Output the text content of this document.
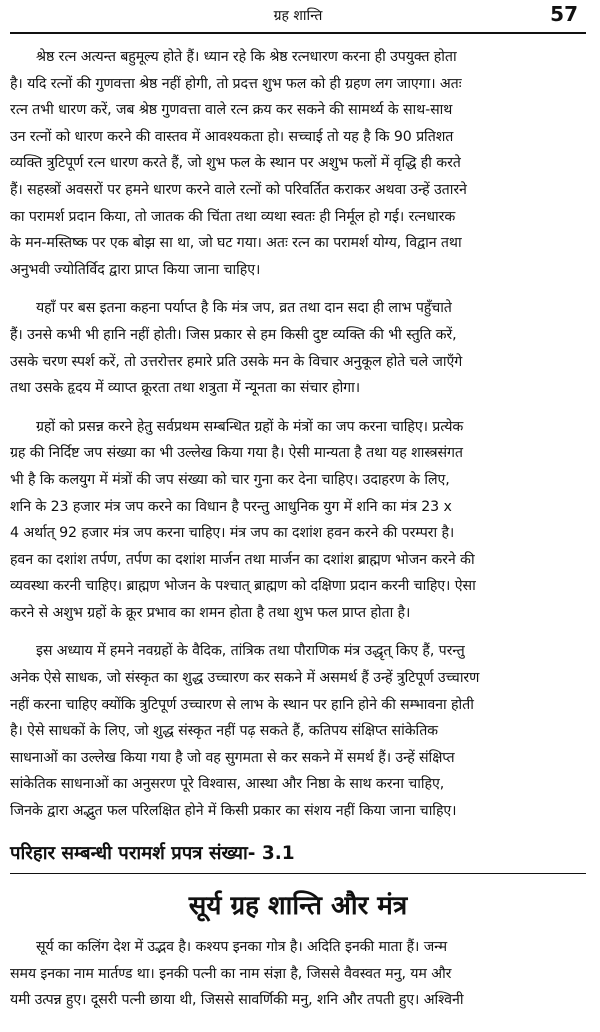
ग्रह शान्ति	57
श्रेष्ठ रत्न अत्यन्त बहुमूल्य होते हैं। ध्यान रहे कि श्रेष्ठ रत्नधारण करना ही उपयुक्त होता
है। यदि रत्नों की गुणवत्ता श्रेष्ठ नहीं होगी, तो प्रदत्त शुभ फल को ही ग्रहण लग जाएगा। अतः
रत्न तभी धारण करें, जब श्रेष्ठ गुणवत्ता वाले रत्न क्रय कर सकने की सामर्थ्य के साथ-साथ
उन रत्नों को धारण करने की वास्तव में आवश्यकता हो। सच्चाई तो यह है कि 90 प्रतिशत
व्यक्ति त्रुटिपूर्ण रत्न धारण करते हैं, जो शुभ फल के स्थान पर अशुभ फलों में वृद्धि ही करते
हैं। सहस्त्रों अवसरों पर हमने धारण करने वाले रत्नों को परिवर्तित कराकर अथवा उन्हें उतारने
का परामर्श प्रदान किया, तो जातक की चिंता तथा व्यथा स्वतः ही निर्मूल हो गई। रत्नधारक
के मन-मस्तिष्क पर एक बोझ सा था, जो घट गया। अतः रत्न का परामर्श योग्य, विद्वान तथा
अनुभवी ज्योतिर्विद द्वारा प्राप्त किया जाना चाहिए।
यहाँ पर बस इतना कहना पर्याप्त है कि मंत्र जप, व्रत तथा दान सदा ही लाभ पहुँचाते
हैं। उनसे कभी भी हानि नहीं होती। जिस प्रकार से हम किसी दुष्ट व्यक्ति की भी स्तुति करें,
उसके चरण स्पर्श करें, तो उत्तरोत्तर हमारे प्रति उसके मन के विचार अनुकूल होते चले जाएँगे
तथा उसके हृदय में व्याप्त क्रूरता तथा शत्रुता में न्यूनता का संचार होगा।
ग्रहों को प्रसन्न करने हेतु सर्वप्रथम सम्बन्धित ग्रहों के मंत्रों का जप करना चाहिए। प्रत्येक
ग्रह की निर्दिष्ट जप संख्या का भी उल्लेख किया गया है। ऐसी मान्यता है तथा यह शास्त्रसंगत
भी है कि कलयुग में मंत्रों की जप संख्या को चार गुना कर देना चाहिए। उदाहरण के लिए,
शनि के 23 हजार मंत्र जप करने का विधान है परन्तु आधुनिक युग में शनि का मंत्र 23 x
4 अर्थात् 92 हजार मंत्र जप करना चाहिए। मंत्र जप का दशांश हवन करने की परम्परा है।
हवन का दशांश तर्पण, तर्पण का दशांश मार्जन तथा मार्जन का दशांश ब्राह्मण भोजन करने की
व्यवस्था करनी चाहिए। ब्राह्मण भोजन के पश्चात् ब्राह्मण को दक्षिणा प्रदान करनी चाहिए। ऐसा
करने से अशुभ ग्रहों के क्रूर प्रभाव का शमन होता है तथा शुभ फल प्राप्त होता है।
इस अध्याय में हमने नवग्रहों के वैदिक, तांत्रिक तथा पौराणिक मंत्र उद्धृत् किए हैं, परन्तु
अनेक ऐसे साधक, जो संस्कृत का शुद्ध उच्चारण कर सकने में असमर्थ हैं उन्हें त्रुटिपूर्ण उच्चारण
नहीं करना चाहिए क्योंकि त्रुटिपूर्ण उच्चारण से लाभ के स्थान पर हानि होने की सम्भावना होती
है। ऐसे साधकों के लिए, जो शुद्ध संस्कृत नहीं पढ़ सकते हैं, कतिपय संक्षिप्त सांकेतिक
साधनाओं का उल्लेख किया गया है जो वह सुगमता से कर सकने में समर्थ हैं। उन्हें संक्षिप्त
सांकेतिक साधनाओं का अनुसरण पूरे विश्वास, आस्था और निष्ठा के साथ करना चाहिए,
जिनके द्वारा अद्भुत फल परिलक्षित होने में किसी प्रकार का संशय नहीं किया जाना चाहिए।
परिहार सम्बन्धी परामर्श प्रपत्र संख्या- 3.1
सूर्य ग्रह शान्ति और मंत्र
सूर्य का कलिंग देश में उद्भव है। कश्यप इनका गोत्र है। अदिति इनकी माता हैं। जन्म
समय इनका नाम मार्तण्ड था। इनकी पत्नी का नाम संज्ञा है, जिससे वैवस्वत मनु, यम और
यमी उत्पन्न हुए। दूसरी पत्नी छाया थी, जिससे सावर्णिकी मनु, शनि और तपती हुए। अश्विनी
